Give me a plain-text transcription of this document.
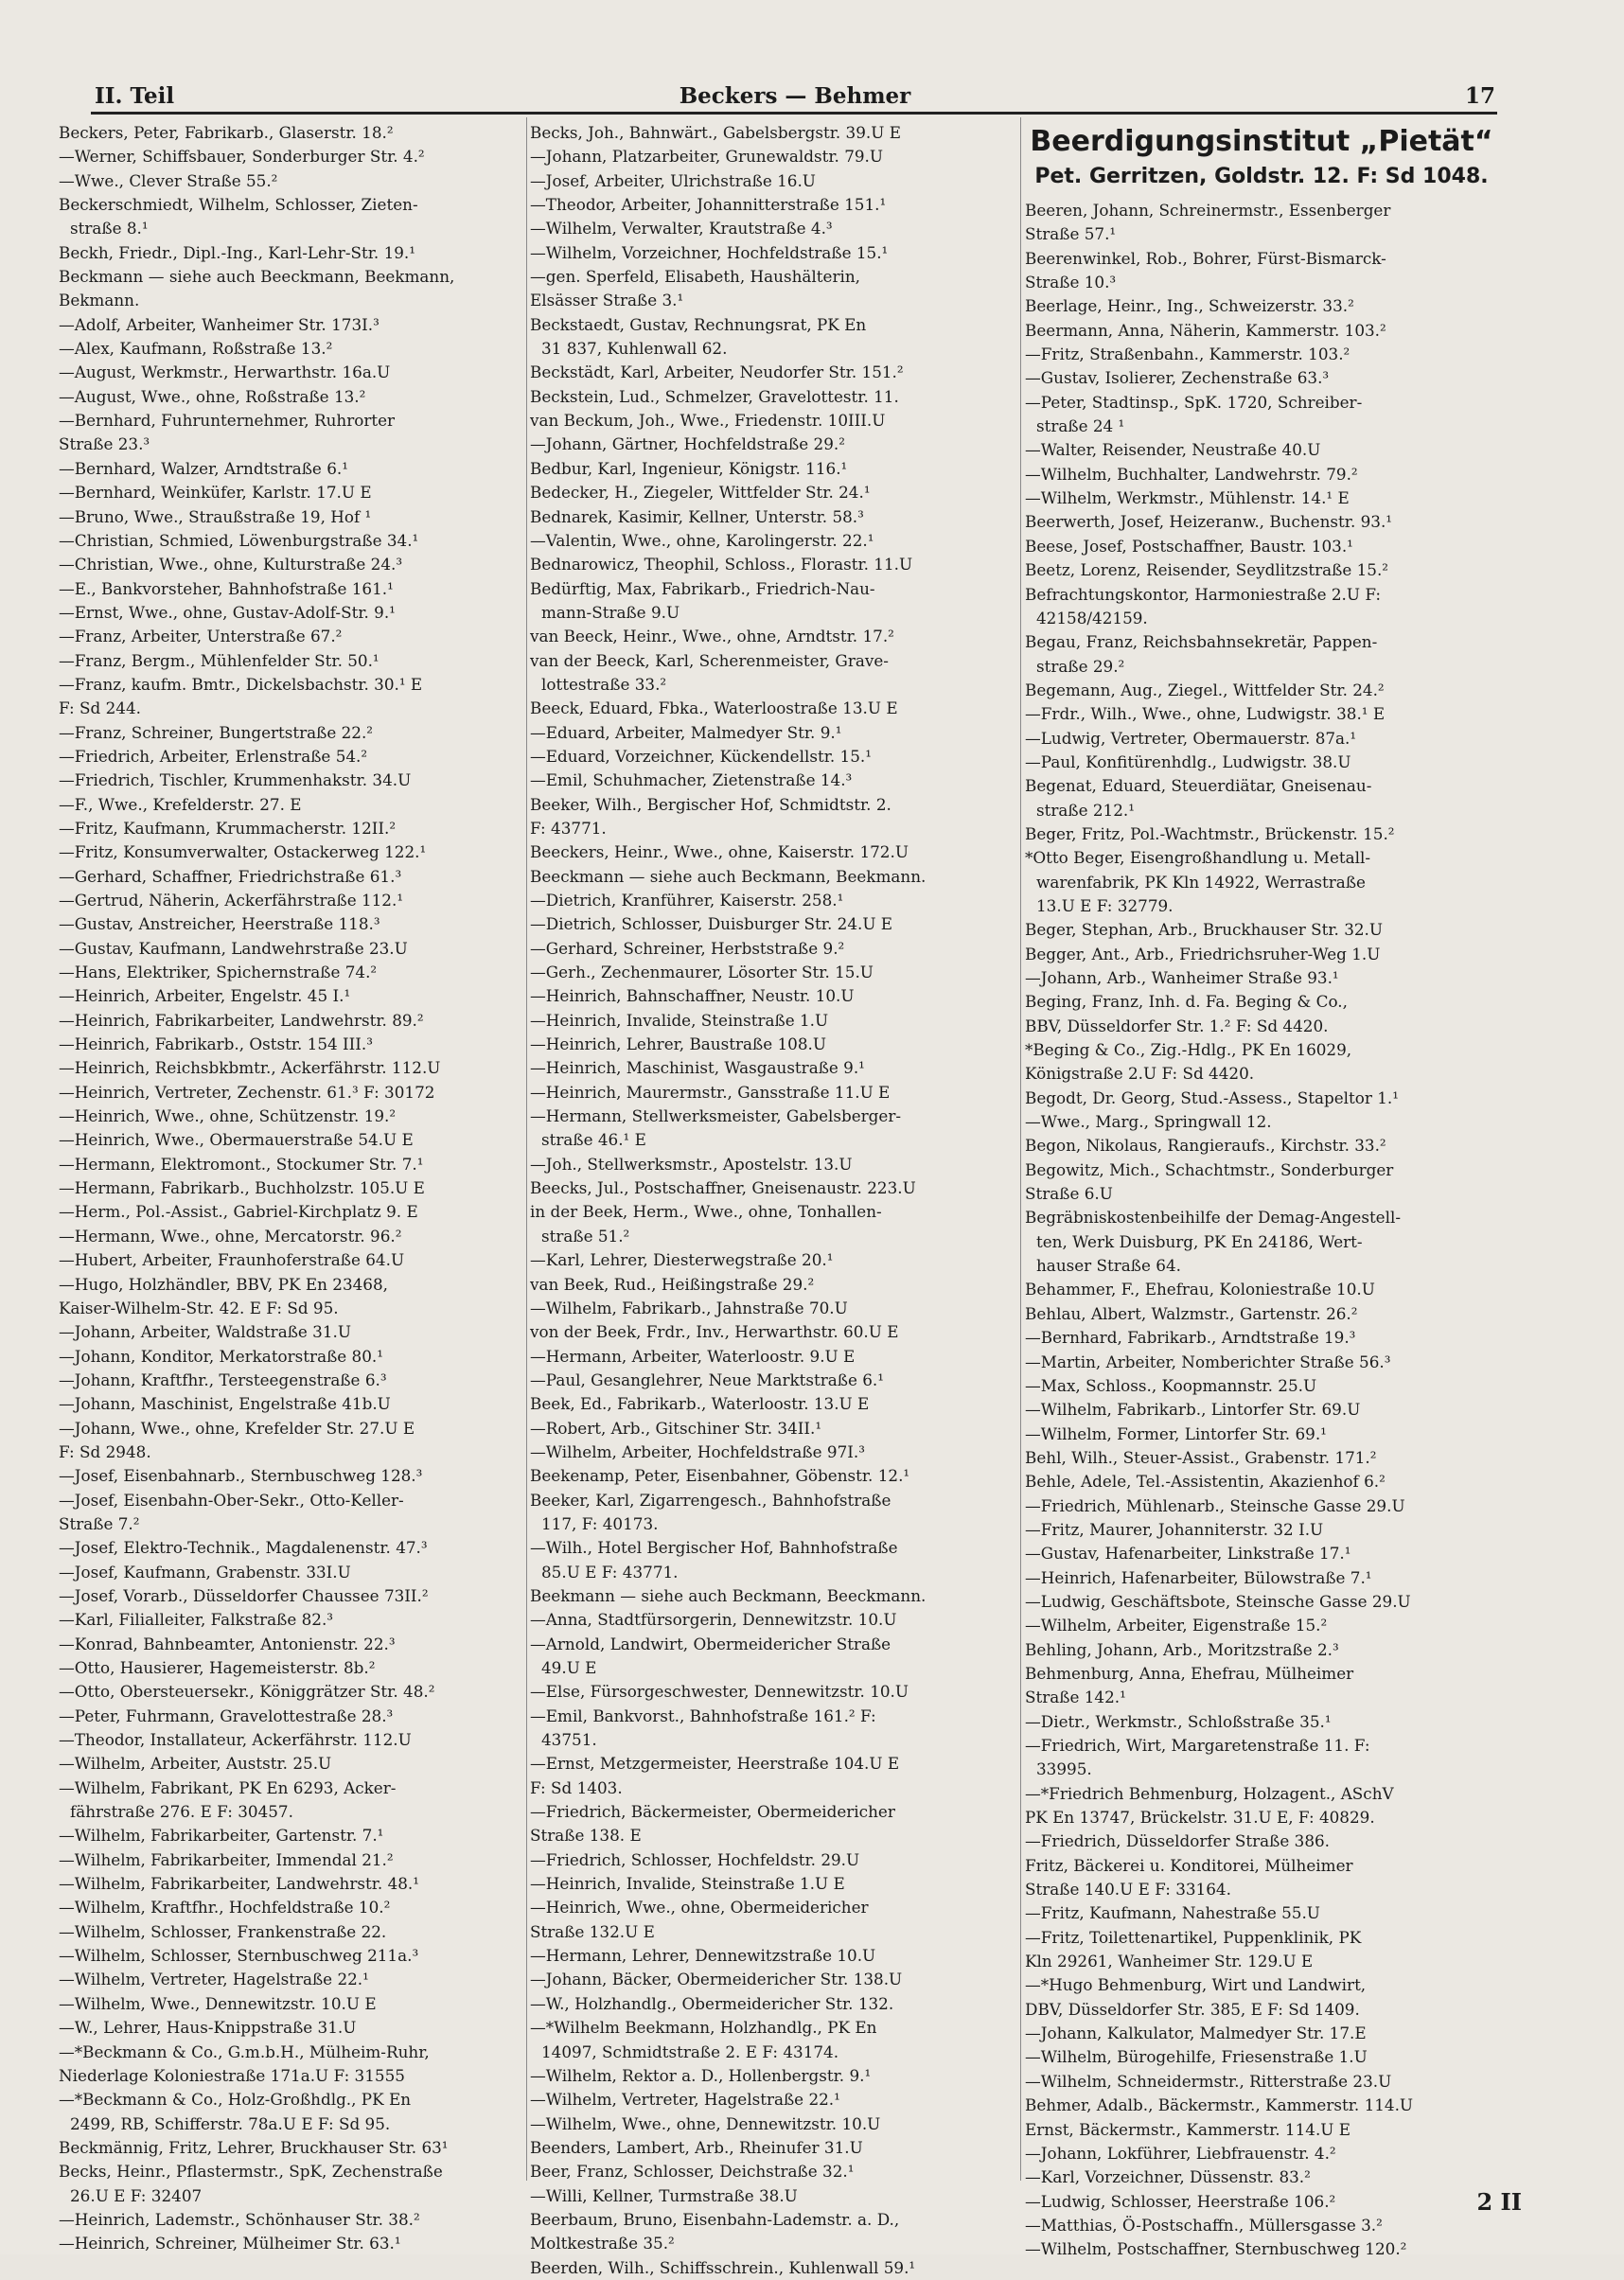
II. Teil	Beckers — Behmer	17
Beckers, Peter, Fabrikarb., Glaserstr. 18.²
—Werner, Schiffsbauer, Sonderburger Str. 4.²
—Wwe., Clever Straße 55.²
Beckerschmiedt, Wilhelm, Schlosser, Zieten-
straße 8.¹
Beckh, Friedr., Dipl.-Ing., Karl-Lehr-Str. 19.¹
Beckmann — siehe auch Beeckmann, Beekmann,
Bekmann.
—Adolf, Arbeiter, Wanheimer Str. 173I.³
—Alex, Kaufmann, Roßstraße 13.²
—August, Werkmstr., Herwarthstr. 16a.U
—August, Wwe., ohne, Roßstraße 13.²
—Bernhard, Fuhrunternehmer, Ruhrorter
Straße 23.³
—Bernhard, Walzer, Arndtstraße 6.¹
—Bernhard, Weinküfer, Karlstr. 17.U E
—Bruno, Wwe., Straußstraße 19, Hof ¹
—Christian, Schmied, Löwenburgstraße 34.¹
—Christian, Wwe., ohne, Kulturstraße 24.³
—E., Bankvorsteher, Bahnhofstraße 161.¹
—Ernst, Wwe., ohne, Gustav-Adolf-Str. 9.¹
—Franz, Arbeiter, Unterstraße 67.²
—Franz, Bergm., Mühlenfelder Str. 50.¹
—Franz, kaufm. Bmtr., Dickelsbachstr. 30.¹ E
F: Sd 244.
—Franz, Schreiner, Bungertstraße 22.²
—Friedrich, Arbeiter, Erlenstraße 54.²
—Friedrich, Tischler, Krummenhakstr. 34.U
—F., Wwe., Krefelderstr. 27. E
—Fritz, Kaufmann, Krummacherstr. 12II.²
—Fritz, Konsumverwalter, Ostackerweg 122.¹
—Gerhard, Schaffner, Friedrichstraße 61.³
—Gertrud, Näherin, Ackerfährstraße 112.¹
—Gustav, Anstreicher, Heerstraße 118.³
—Gustav, Kaufmann, Landwehrstraße 23.U
—Hans, Elektriker, Spichernstraße 74.²
—Heinrich, Arbeiter, Engelstr. 45 I.¹
—Heinrich, Fabrikarbeiter, Landwehrstr. 89.²
—Heinrich, Fabrikarb., Oststr. 154 III.³
—Heinrich, Reichsbkbmtr., Ackerfährstr. 112.U
—Heinrich, Vertreter, Zechenstr. 61.³ F: 30172
—Heinrich, Wwe., ohne, Schützenstr. 19.²
—Heinrich, Wwe., Obermauerstraße 54.U E
—Hermann, Elektromont., Stockumer Str. 7.¹
—Hermann, Fabrikarb., Buchholzstr. 105.U E
—Herm., Pol.-Assist., Gabriel-Kirchplatz 9. E
—Hermann, Wwe., ohne, Mercatorstr. 96.²
—Hubert, Arbeiter, Fraunhoferstraße 64.U
—Hugo, Holzhändler, BBV, PK En 23468,
Kaiser-Wilhelm-Str. 42. E F: Sd 95.
—Johann, Arbeiter, Waldstraße 31.U
—Johann, Konditor, Merkatorstraße 80.¹
—Johann, Kraftfhr., Tersteegenstraße 6.³
—Johann, Maschinist, Engelstraße 41b.U
—Johann, Wwe., ohne, Krefelder Str. 27.U E
F: Sd 2948.
—Josef, Eisenbahnarb., Sternbuschweg 128.³
—Josef, Eisenbahn-Ober-Sekr., Otto-Keller-
Straße 7.²
—Josef, Elektro-Technik., Magdalenenstr. 47.³
—Josef, Kaufmann, Grabenstr. 33I.U
—Josef, Vorarb., Düsseldorfer Chaussee 73II.²
—Karl, Filialleiter, Falkstraße 82.³
—Konrad, Bahnbeamter, Antonienstr. 22.³
—Otto, Hausierer, Hagemeisterstr. 8b.²
—Otto, Obersteuersekr., Königgrätzer Str. 48.²
—Peter, Fuhrmann, Gravelottestraße 28.³
—Theodor, Installateur, Ackerfährstr. 112.U
—Wilhelm, Arbeiter, Auststr. 25.U
—Wilhelm, Fabrikant, PK En 6293, Acker-
fährstraße 276. E F: 30457.
—Wilhelm, Fabrikarbeiter, Gartenstr. 7.¹
—Wilhelm, Fabrikarbeiter, Immendal 21.²
—Wilhelm, Fabrikarbeiter, Landwehrstr. 48.¹
—Wilhelm, Kraftfhr., Hochfeldstraße 10.²
—Wilhelm, Schlosser, Frankenstraße 22.
—Wilhelm, Schlosser, Sternbuschweg 211a.³
—Wilhelm, Vertreter, Hagelstraße 22.¹
—Wilhelm, Wwe., Dennewitzstr. 10.U E
—W., Lehrer, Haus-Knippstraße 31.U
—*Beckmann & Co., G.m.b.H., Mülheim-Ruhr,
Niederlage Koloniestraße 171a.U F: 31555
—*Beckmann & Co., Holz-Großhdlg., PK En
2499, RB, Schifferstr. 78a.U E F: Sd 95.
Beckmännig, Fritz, Lehrer, Bruckhauser Str. 63¹
Becks, Heinr., Pflastermstr., SpK, Zechenstraße
26.U E F: 32407
—Heinrich, Lademstr., Schönhauser Str. 38.²
—Heinrich, Schreiner, Mülheimer Str. 63.¹
Becks, Joh., Bahnwärt., Gabelsbergstr. 39.U E
—Johann, Platzarbeiter, Grunewaldstr. 79.U
—Josef, Arbeiter, Ulrichstraße 16.U
—Theodor, Arbeiter, Johannitterstraße 151.¹
—Wilhelm, Verwalter, Krautstraße 4.³
—Wilhelm, Vorzeichner, Hochfeldstraße 15.¹
—gen. Sperfeld, Elisabeth, Haushälterin,
Elsässer Straße 3.¹
Beckstaedt, Gustav, Rechnungsrat, PK En
31 837, Kuhlenwall 62.
Beckstädt, Karl, Arbeiter, Neudorfer Str. 151.²
Beckstein, Lud., Schmelzer, Gravelottestr. 11.
van Beckum, Joh., Wwe., Friedenstr. 10III.U
—Johann, Gärtner, Hochfeldstraße 29.²
Bedbur, Karl, Ingenieur, Königstr. 116.¹
Bedecker, H., Ziegeler, Wittfelder Str. 24.¹
Bednarek, Kasimir, Kellner, Unterstr. 58.³
—Valentin, Wwe., ohne, Karolingerstr. 22.¹
Bednarowicz, Theophil, Schloss., Florastr. 11.U
Bedürftig, Max, Fabrikarb., Friedrich-Nau-
mann-Straße 9.U
van Beeck, Heinr., Wwe., ohne, Arndtstr. 17.²
van der Beeck, Karl, Scherenmeister, Grave-
lottestraße 33.²
Beeck, Eduard, Fbka., Waterloostraße 13.U E
—Eduard, Arbeiter, Malmedyer Str. 9.¹
—Eduard, Vorzeichner, Kückendellstr. 15.¹
—Emil, Schuhmacher, Zietenstraße 14.³
Beeker, Wilh., Bergischer Hof, Schmidtstr. 2.
F: 43771.
Beeckers, Heinr., Wwe., ohne, Kaiserstr. 172.U
Beeckmann — siehe auch Beckmann, Beekmann.
—Dietrich, Kranführer, Kaiserstr. 258.¹
—Dietrich, Schlosser, Duisburger Str. 24.U E
—Gerhard, Schreiner, Herbststraße 9.²
—Gerh., Zechenmaurer, Lösorter Str. 15.U
—Heinrich, Bahnschaffner, Neustr. 10.U
—Heinrich, Invalide, Steinstraße 1.U
—Heinrich, Lehrer, Baustraße 108.U
—Heinrich, Maschinist, Wasgaustraße 9.¹
—Heinrich, Maurermstr., Gansstraße 11.U E
—Hermann, Stellwerksmeister, Gabelsberger-
straße 46.¹ E
—Joh., Stellwerksmstr., Apostelstr. 13.U
Beecks, Jul., Postschaffner, Gneisenaustr. 223.U
in der Beek, Herm., Wwe., ohne, Tonhallen-
straße 51.²
—Karl, Lehrer, Diesterwegstraße 20.¹
van Beek, Rud., Heißingstraße 29.²
—Wilhelm, Fabrikarb., Jahnstraße 70.U
von der Beek, Frdr., Inv., Herwarthstr. 60.U E
—Hermann, Arbeiter, Waterloostr. 9.U E
—Paul, Gesanglehrer, Neue Marktstraße 6.¹
Beek, Ed., Fabrikarb., Waterloostr. 13.U E
—Robert, Arb., Gitschiner Str. 34II.¹
—Wilhelm, Arbeiter, Hochfeldstraße 97I.³
Beekenamp, Peter, Eisenbahner, Göbenstr. 12.¹
Beeker, Karl, Zigarrengesch., Bahnhofstraße
117, F: 40173.
—Wilh., Hotel Bergischer Hof, Bahnhofstraße
85.U E F: 43771.
Beekmann — siehe auch Beckmann, Beeckmann.
—Anna, Stadtfürsorgerin, Dennewitzstr. 10.U
—Arnold, Landwirt, Obermeidericher Straße
49.U E
—Else, Fürsorgeschwester, Dennewitzstr. 10.U
—Emil, Bankvorst., Bahnhofstraße 161.² F:
43751.
—Ernst, Metzgermeister, Heerstraße 104.U E
F: Sd 1403.
—Friedrich, Bäckermeister, Obermeidericher
Straße 138. E
—Friedrich, Schlosser, Hochfeldstr. 29.U
—Heinrich, Invalide, Steinstraße 1.U E
—Heinrich, Wwe., ohne, Obermeidericher
Straße 132.U E
—Hermann, Lehrer, Dennewitzstraße 10.U
—Johann, Bäcker, Obermeidericher Str. 138.U
—W., Holzhandlg., Obermeidericher Str. 132.
—*Wilhelm Beekmann, Holzhandlg., PK En
14097, Schmidtstraße 2. E F: 43174.
—Wilhelm, Rektor a. D., Hollenbergstr. 9.¹
—Wilhelm, Vertreter, Hagelstraße 22.¹
—Wilhelm, Wwe., ohne, Dennewitzstr. 10.U
Beenders, Lambert, Arb., Rheinufer 31.U
Beer, Franz, Schlosser, Deichstraße 32.¹
—Willi, Kellner, Turmstraße 38.U
Beerbaum, Bruno, Eisenbahn-Lademstr. a. D.,
Moltkestraße 35.²
Beerden, Wilh., Schiffsschrein., Kuhlenwall 59.¹
Beerdigungsinstitut „Pietät“
Pet. Gerritzen, Goldstr. 12. F: Sd 1048.
Beeren, Johann, Schreinermstr., Essenberger
Straße 57.¹
Beerenwinkel, Rob., Bohrer, Fürst-Bismarck-
Straße 10.³
Beerlage, Heinr., Ing., Schweizerstr. 33.²
Beermann, Anna, Näherin, Kammerstr. 103.²
—Fritz, Straßenbahn., Kammerstr. 103.²
—Gustav, Isolierer, Zechenstraße 63.³
—Peter, Stadtinsp., SpK. 1720, Schreiber-
straße 24 ¹
—Walter, Reisender, Neustraße 40.U
—Wilhelm, Buchhalter, Landwehrstr. 79.²
—Wilhelm, Werkmstr., Mühlenstr. 14.¹ E
Beerwerth, Josef, Heizeranw., Buchenstr. 93.¹
Beese, Josef, Postschaffner, Baustr. 103.¹
Beetz, Lorenz, Reisender, Seydlitzstraße 15.²
Befrachtungskontor, Harmoniestraße 2.U F:
42158/42159.
Begau, Franz, Reichsbahnsekretär, Pappen-
straße 29.²
Begemann, Aug., Ziegel., Wittfelder Str. 24.²
—Frdr., Wilh., Wwe., ohne, Ludwigstr. 38.¹ E
—Ludwig, Vertreter, Obermauerstr. 87a.¹
—Paul, Konfitürenhdlg., Ludwigstr. 38.U
Begenat, Eduard, Steuerdiätar, Gneisenau-
straße 212.¹
Beger, Fritz, Pol.-Wachtmstr., Brückenstr. 15.²
*Otto Beger, Eisengroßhandlung u. Metall-
warenfabrik, PK Kln 14922, Werrastraße
13.U E F: 32779.
Beger, Stephan, Arb., Bruckhauser Str. 32.U
Begger, Ant., Arb., Friedrichsruher-Weg 1.U
—Johann, Arb., Wanheimer Straße 93.¹
Beging, Franz, Inh. d. Fa. Beging & Co.,
BBV, Düsseldorfer Str. 1.² F: Sd 4420.
*Beging & Co., Zig.-Hdlg., PK En 16029,
Königstraße 2.U F: Sd 4420.
Begodt, Dr. Georg, Stud.-Assess., Stapeltor 1.¹
—Wwe., Marg., Springwall 12.
Begon, Nikolaus, Rangieraufs., Kirchstr. 33.²
Begowitz, Mich., Schachtmstr., Sonderburger
Straße 6.U
Begräbniskostenbeihilfe der Demag-Angestell-
ten, Werk Duisburg, PK En 24186, Wert-
hauser Straße 64.
Behammer, F., Ehefrau, Koloniestraße 10.U
Behlau, Albert, Walzmstr., Gartenstr. 26.²
—Bernhard, Fabrikarb., Arndtstraße 19.³
—Martin, Arbeiter, Nomberichter Straße 56.³
—Max, Schloss., Koopmannstr. 25.U
—Wilhelm, Fabrikarb., Lintorfer Str. 69.U
—Wilhelm, Former, Lintorfer Str. 69.¹
Behl, Wilh., Steuer-Assist., Grabenstr. 171.²
Behle, Adele, Tel.-Assistentin, Akazienhof 6.²
—Friedrich, Mühlenarb., Steinsche Gasse 29.U
—Fritz, Maurer, Johanniterstr. 32 I.U
—Gustav, Hafenarbeiter, Linkstraße 17.¹
—Heinrich, Hafenarbeiter, Bülowstraße 7.¹
—Ludwig, Geschäftsbote, Steinsche Gasse 29.U
—Wilhelm, Arbeiter, Eigenstraße 15.²
Behling, Johann, Arb., Moritzstraße 2.³
Behmenburg, Anna, Ehefrau, Mülheimer
Straße 142.¹
—Dietr., Werkmstr., Schloßstraße 35.¹
—Friedrich, Wirt, Margaretenstraße 11. F:
33995.
—*Friedrich Behmenburg, Holzagent., ASchV
PK En 13747, Brückelstr. 31.U E, F: 40829.
—Friedrich, Düsseldorfer Straße 386.
Fritz, Bäckerei u. Konditorei, Mülheimer
Straße 140.U E F: 33164.
—Fritz, Kaufmann, Nahestraße 55.U
—Fritz, Toilettenartikel, Puppenklinik, PK
Kln 29261, Wanheimer Str. 129.U E
—*Hugo Behmenburg, Wirt und Landwirt,
DBV, Düsseldorfer Str. 385, E F: Sd 1409.
—Johann, Kalkulator, Malmedyer Str. 17.E
—Wilhelm, Bürogehilfe, Friesenstraße 1.U
—Wilhelm, Schneidermstr., Ritterstraße 23.U
Behmer, Adalb., Bäckermstr., Kammerstr. 114.U
Ernst, Bäckermstr., Kammerstr. 114.U E
—Johann, Lokführer, Liebfrauenstr. 4.²
—Karl, Vorzeichner, Düssenstr. 83.²
—Ludwig, Schlosser, Heerstraße 106.²
—Matthias, Ö-Postschaffn., Müllersgasse 3.²
—Wilhelm, Postschaffner, Sternbuschweg 120.²
2 II
